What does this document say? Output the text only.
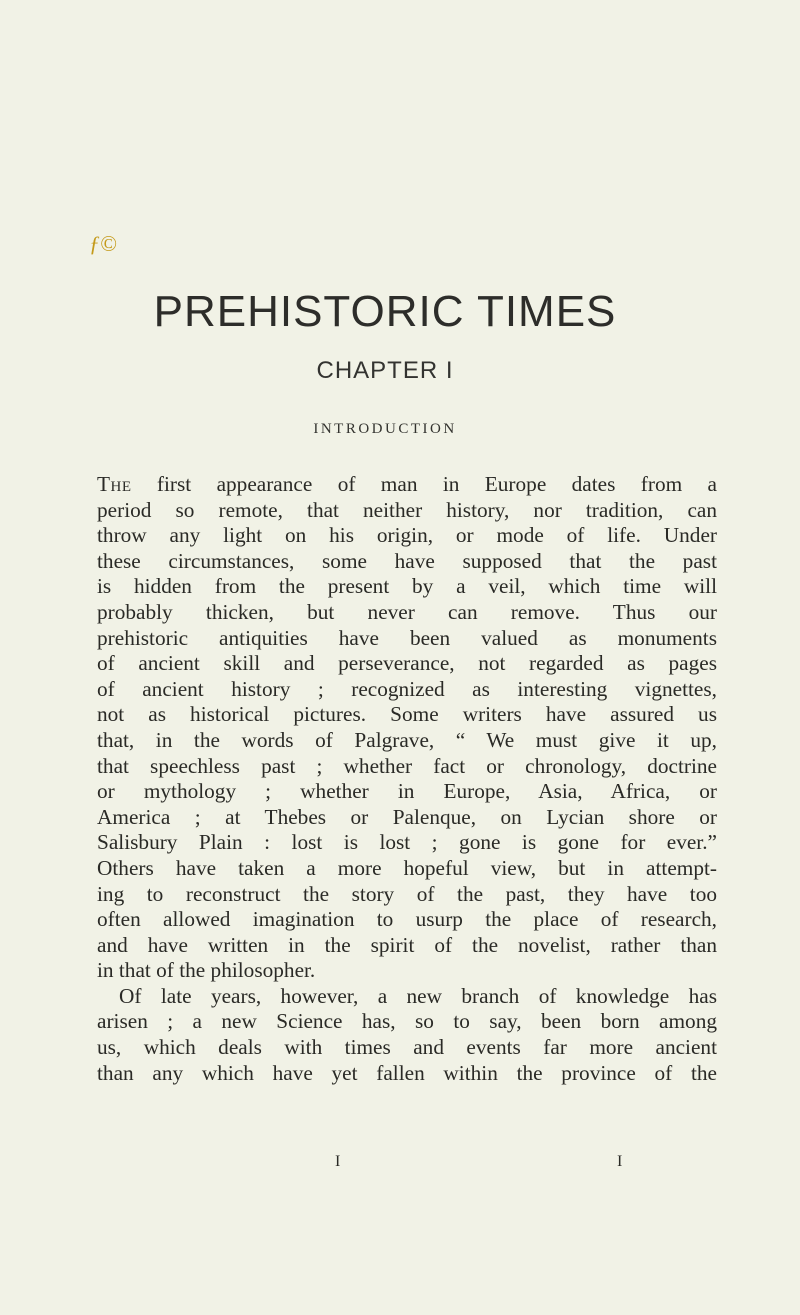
ƒ©
PREHISTORIC TIMES
CHAPTER I
INTRODUCTION
The first appearance of man in Europe dates from a
period so remote, that neither history, nor tradition, can
throw any light on his origin, or mode of life. Under
these circumstances, some have supposed that the past
is hidden from the present by a veil, which time will
probably thicken, but never can remove. Thus our
prehistoric antiquities have been valued as monuments
of ancient skill and perseverance, not regarded as pages
of ancient history ; recognized as interesting vignettes,
not as historical pictures. Some writers have assured us
that, in the words of Palgrave, “ We must give it up,
that speechless past ; whether fact or chronology, doctrine
or mythology ; whether in Europe, Asia, Africa, or
America ; at Thebes or Palenque, on Lycian shore or
Salisbury Plain : lost is lost ; gone is gone for ever.”
Others have taken a more hopeful view, but in attempt-
ing to reconstruct the story of the past, they have too
often allowed imagination to usurp the place of research,
and have written in the spirit of the novelist, rather than
in that of the philosopher.
Of late years, however, a new branch of knowledge has
arisen ; a new Science has, so to say, been born among
us, which deals with times and events far more ancient
than any which have yet fallen within the province of the
I	I
